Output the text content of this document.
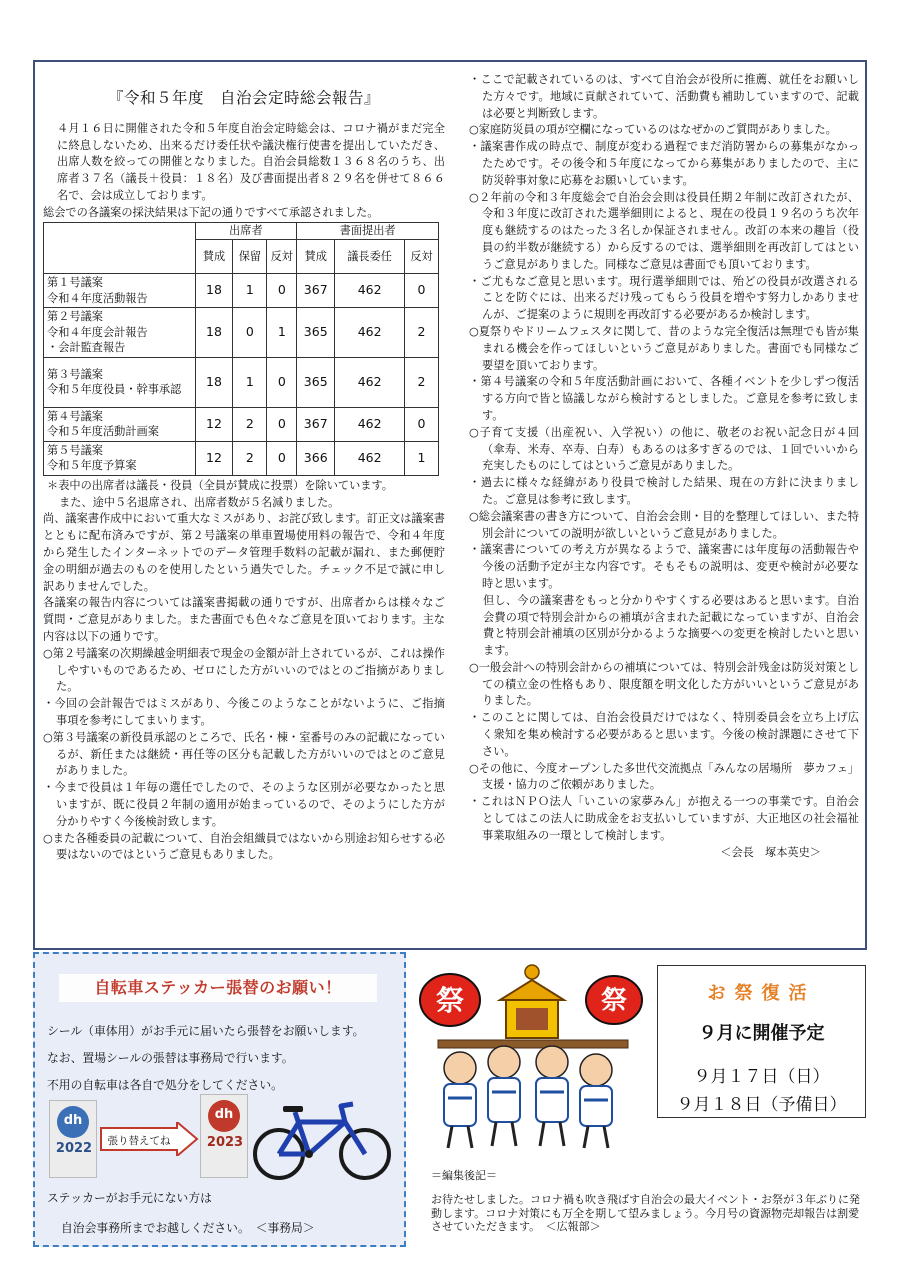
『令和５年度　自治会定時総会報告』
４月１６日に開催された令和５年度自治会定時総会は、コロナ禍がまだ完全に終息しないため、出来るだけ委任状や議決権行使書を提出していただき、出席人数を絞っての開催となりました。自治会員総数１３６８名のうち、出席者３７名（議長＋役員：１８名）及び書面提出者８２９名を併せて８６６名で、会は成立しております。
総会での各議案の採決結果は下記の通りですべて承認されました。
	出席者			書面提出者		
	賛成	保留	反対	賛成	議長委任	反対
第１号議案
令和４年度活動報告	18	1	0	367	462	0
第２号議案
令和４年度会計報告
・会計監査報告	18	0	1	365	462	2
第３号議案
令和５年度役員・幹事承認	18	1	0	365	462	2
第４号議案
令和５年度活動計画案	12	2	0	367	462	0
第５号議案
令和５年度予算案	12	2	0	366	462	1
＊表中の出席者は議長・役員（全員が賛成に投票）を除いています。
また、途中５名退席され、出席者数が５名減りました。
尚、議案書作成中において重大なミスがあり、お詫び致します。訂正文は議案書とともに配布済みですが、第２号議案の単車置場使用料の報告で、令和４年度から発生したインターネットでのデータ管理手数料の記載が漏れ、また郵便貯金の明細が過去のものを使用したという過失でした。チェック不足で誠に申し訳ありませんでした。
各議案の報告内容については議案書掲載の通りですが、出席者からは様々なご質問・ご意見がありました。また書面でも色々なご意見を頂いております。主な内容は以下の通りです。
○第２号議案の次期繰越金明細表で現金の金額が計上されているが、これは操作しやすいものであるため、ゼロにした方がいいのではとのご指摘がありました。
・今回の会計報告ではミスがあり、今後このようなことがないように、ご指摘事項を参考にしてまいります。
○第３号議案の新役員承認のところで、氏名・棟・室番号のみの記載になっているが、新任または継続・再任等の区分も記載した方がいいのではとのご意見がありました。
・今まで役員は１年毎の選任でしたので、そのような区別が必要なかったと思いますが、既に役員２年制の適用が始まっているので、そのようにした方が分かりやすく今後検討致します。
○また各種委員の記載について、自治会組織員ではないから別途お知らせする必要はないのではというご意見もありました。
・ここで記載されているのは、すべて自治会が役所に推薦、就任をお願いした方々です。地域に貢献されていて、活動費も補助していますので、記載は必要と判断致します。
○家庭防災員の項が空欄になっているのはなぜかのご質問がありました。
・議案書作成の時点で、制度が変わる過程でまだ消防署からの募集がなかったためです。その後令和５年度になってから募集がありましたので、主に防災幹事対象に応募をお願いしています。
○２年前の令和３年度総会で自治会会則は役員任期２年制に改訂されたが、令和３年度に改訂された選挙細則によると、現在の役員１９名のうち次年度も継続するのはたった３名しか保証されません。改訂の本来の趣旨（役員の約半数が継続する）から反するのでは、選挙細則を再改訂してはというご意見がありました。同様なご意見は書面でも頂いております。
・ご尤もなご意見と思います。現行選挙細則では、殆どの役員が改選されることを防ぐには、出来るだけ残ってもらう役員を増やす努力しかありませんが、ご提案のように規則を再改訂する必要があるか検討します。
○夏祭りやドリームフェスタに関して、昔のような完全復活は無理でも皆が集まれる機会を作ってほしいというご意見がありました。書面でも同様なご要望を頂いております。
・第４号議案の令和５年度活動計画において、各種イベントを少しずつ復活する方向で皆と協議しながら検討するとしました。ご意見を参考に致します。
○子育て支援（出産祝い、入学祝い）の他に、敬老のお祝い記念日が４回（傘寿、米寿、卒寿、白寿）もあるのは多すぎるのでは、１回でいいから充実したものにしてはというご意見がありました。
・過去に様々な経緯があり役員で検討した結果、現在の方針に決まりました。ご意見は参考に致します。
○総会議案書の書き方について、自治会会則・目的を整理してほしい、また特別会計についての説明が欲しいというご意見がありました。
・議案書についての考え方が異なるようで、議案書には年度毎の活動報告や今後の活動予定が主な内容です。そもそもの説明は、変更や検討が必要な時と思います。
但し、今の議案書をもっと分かりやすくする必要はあると思います。自治会費の項で特別会計からの補填が含まれた記載になっていますが、自治会費と特別会計補填の区別が分かるような摘要への変更を検討したいと思います。
○一般会計への特別会計からの補填については、特別会計残金は防災対策としての積立金の性格もあり、限度額を明文化した方がいいというご意見がありました。
・このことに関しては、自治会役員だけではなく、特別委員会を立ち上げ広く衆知を集め検討する必要があると思います。今後の検討課題にさせて下さい。
○その他に、今度オープンした多世代交流拠点「みんなの居場所　夢カフェ」支援・協力のご依頼がありました。
・これはＮＰＯ法人「いこいの家夢みん」が抱える一つの事業です。自治会としてはこの法人に助成金をお支払いしていますが、大正地区の社会福祉事業取組みの一環として検討します。
＜会長　塚本英史＞
自転車ステッカー張替のお願い！
シール（車体用）がお手元に届いたら張替をお願いします。
なお、置場シールの張替は事務局で行います。
不用の自転車は各自で処分をしてください。
dh
2022	張り替えてね
dh
2023
ステッカーがお手元にない方は
自治会事務所までお越しください。　＜事務局＞
祭	祭	お祭復活
９月に開催予定
９月１７日（日）
９月１８日（予備日）
＝編集後記＝
お待たせしました。コロナ禍も吹き飛ばす自治会の最大イベント・お祭が３年ぶりに発動します。コロナ対策にも万全を期して望みましょう。今月号の資源物売却報告は割愛させていただきます。　＜広報部＞
